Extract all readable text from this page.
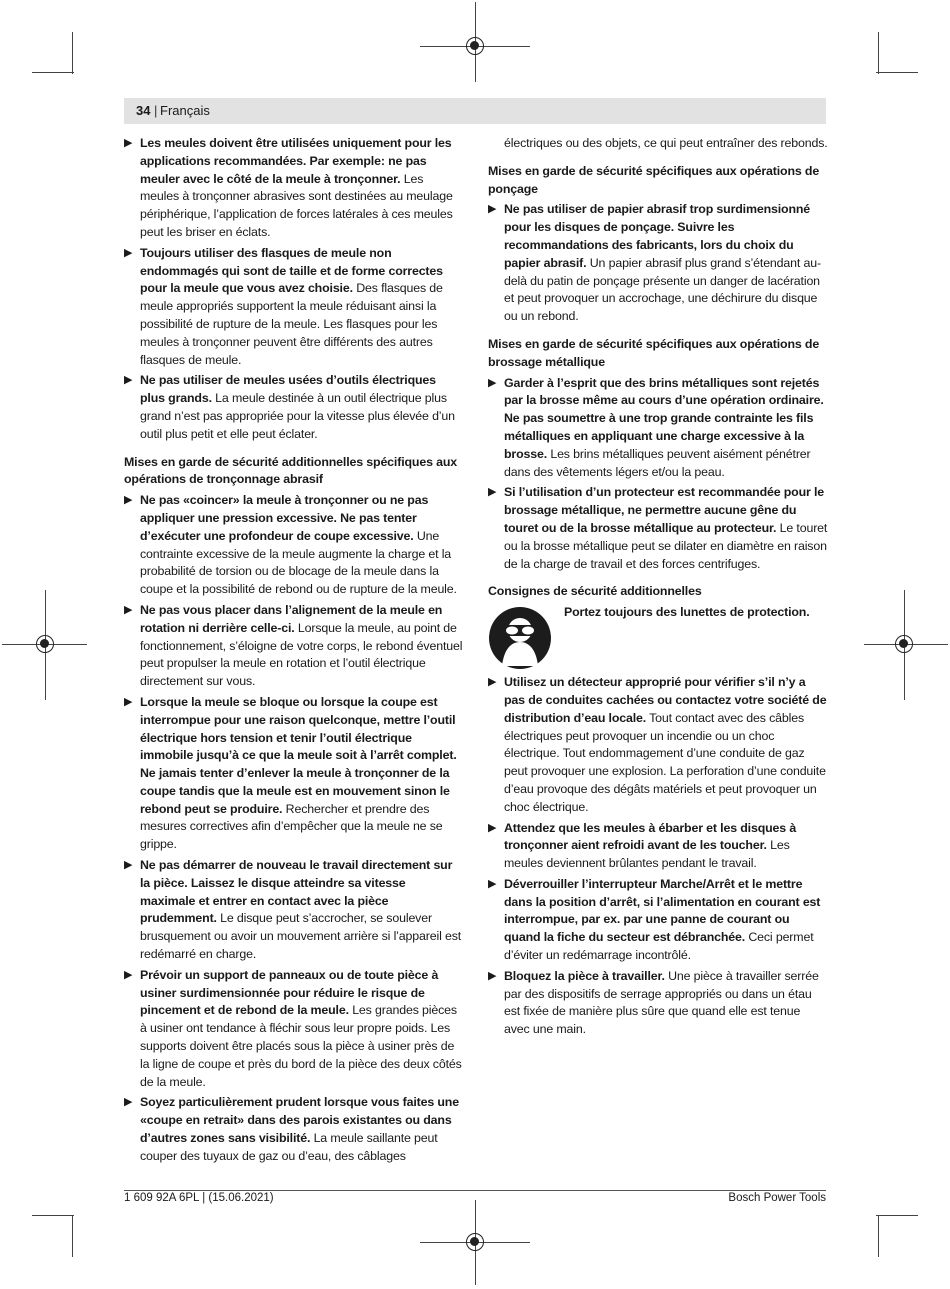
34 | Français
▶ Les meules doivent être utilisées uniquement pour les applications recommandées. Par exemple: ne pas meuler avec le côté de la meule à tronçonner. Les meules à tronçonner abrasives sont destinées au meulage périphérique, l’application de forces latérales à ces meules peut les briser en éclats.
▶ Toujours utiliser des flasques de meule non endommagés qui sont de taille et de forme correctes pour la meule que vous avez choisie. Des flasques de meule appropriés supportent la meule réduisant ainsi la possibilité de rupture de la meule. Les flasques pour les meules à tronçonner peuvent être différents des autres flasques de meule.
▶ Ne pas utiliser de meules usées d’outils électriques plus grands. La meule destinée à un outil électrique plus grand n’est pas appropriée pour la vitesse plus élevée d’un outil plus petit et elle peut éclater.
Mises en garde de sécurité additionnelles spécifiques aux opérations de tronçonnage abrasif
▶ Ne pas «coincer» la meule à tronçonner ou ne pas appliquer une pression excessive. Ne pas tenter d’exécuter une profondeur de coupe excessive. Une contrainte excessive de la meule augmente la charge et la probabilité de torsion ou de blocage de la meule dans la coupe et la possibilité de rebond ou de rupture de la meule.
▶ Ne pas vous placer dans l’alignement de la meule en rotation ni derrière celle-ci. Lorsque la meule, au point de fonctionnement, s’éloigne de votre corps, le rebond éventuel peut propulser la meule en rotation et l’outil électrique directement sur vous.
▶ Lorsque la meule se bloque ou lorsque la coupe est interrompue pour une raison quelconque, mettre l’outil électrique hors tension et tenir l’outil électrique immobile jusqu’à ce que la meule soit à l’arrêt complet. Ne jamais tenter d’enlever la meule à tronçonner de la coupe tandis que la meule est en mouvement sinon le rebond peut se produire. Rechercher et prendre des mesures correctives afin d’empêcher que la meule ne se grippe.
▶ Ne pas démarrer de nouveau le travail directement sur la pièce. Laissez le disque atteindre sa vitesse maximale et entrer en contact avec la pièce prudemment. Le disque peut s’accrocher, se soulever brusquement ou avoir un mouvement arrière si l’appareil est redémarré en charge.
▶ Prévoir un support de panneaux ou de toute pièce à usiner surdimensionnée pour réduire le risque de pincement et de rebond de la meule. Les grandes pièces à usiner ont tendance à fléchir sous leur propre poids. Les supports doivent être placés sous la pièce à usiner près de la ligne de coupe et près du bord de la pièce des deux côtés de la meule.
▶ Soyez particulièrement prudent lorsque vous faites une «coupe en retrait» dans des parois existantes ou dans d’autres zones sans visibilité. La meule saillante peut couper des tuyaux de gaz ou d’eau, des câblages
électriques ou des objets, ce qui peut entraîner des rebonds.
Mises en garde de sécurité spécifiques aux opérations de ponçage
▶ Ne pas utiliser de papier abrasif trop surdimensionné pour les disques de ponçage. Suivre les recommandations des fabricants, lors du choix du papier abrasif. Un papier abrasif plus grand s’étendant au-delà du patin de ponçage présente un danger de lacération et peut provoquer un accrochage, une déchirure du disque ou un rebond.
Mises en garde de sécurité spécifiques aux opérations de brossage métallique
▶ Garder à l’esprit que des brins métalliques sont rejetés par la brosse même au cours d’une opération ordinaire. Ne pas soumettre à une trop grande contrainte les fils métalliques en appliquant une charge excessive à la brosse. Les brins métalliques peuvent aisément pénétrer dans des vêtements légers et/ou la peau.
▶ Si l’utilisation d’un protecteur est recommandée pour le brossage métallique, ne permettre aucune gêne du touret ou de la brosse métallique au protecteur. Le touret ou la brosse métallique peut se dilater en diamètre en raison de la charge de travail et des forces centrifuges.
Consignes de sécurité additionnelles
Portez toujours des lunettes de protection.
▶ Utilisez un détecteur approprié pour vérifier s’il n’y a pas de conduites cachées ou contactez votre société de distribution d’eau locale. Tout contact avec des câbles électriques peut provoquer un incendie ou un choc électrique. Tout endommagement d’une conduite de gaz peut provoquer une explosion. La perforation d’une conduite d’eau provoque des dégâts matériels et peut provoquer un choc électrique.
▶ Attendez que les meules à ébarber et les disques à tronçonner aient refroidi avant de les toucher. Les meules deviennent brûlantes pendant le travail.
▶ Déverrouiller l’interrupteur Marche/Arrêt et le mettre dans la position d’arrêt, si l’alimentation en courant est interrompue, par ex. par une panne de courant ou quand la fiche du secteur est débranchée. Ceci permet d’éviter un redémarrage incontrôlé.
▶ Bloquez la pièce à travailler. Une pièce à travailler serrée par des dispositifs de serrage appropriés ou dans un étau est fixée de manière plus sûre que quand elle est tenue avec une main.
1 609 92A 6PL | (15.06.2021)	Bosch Power Tools
